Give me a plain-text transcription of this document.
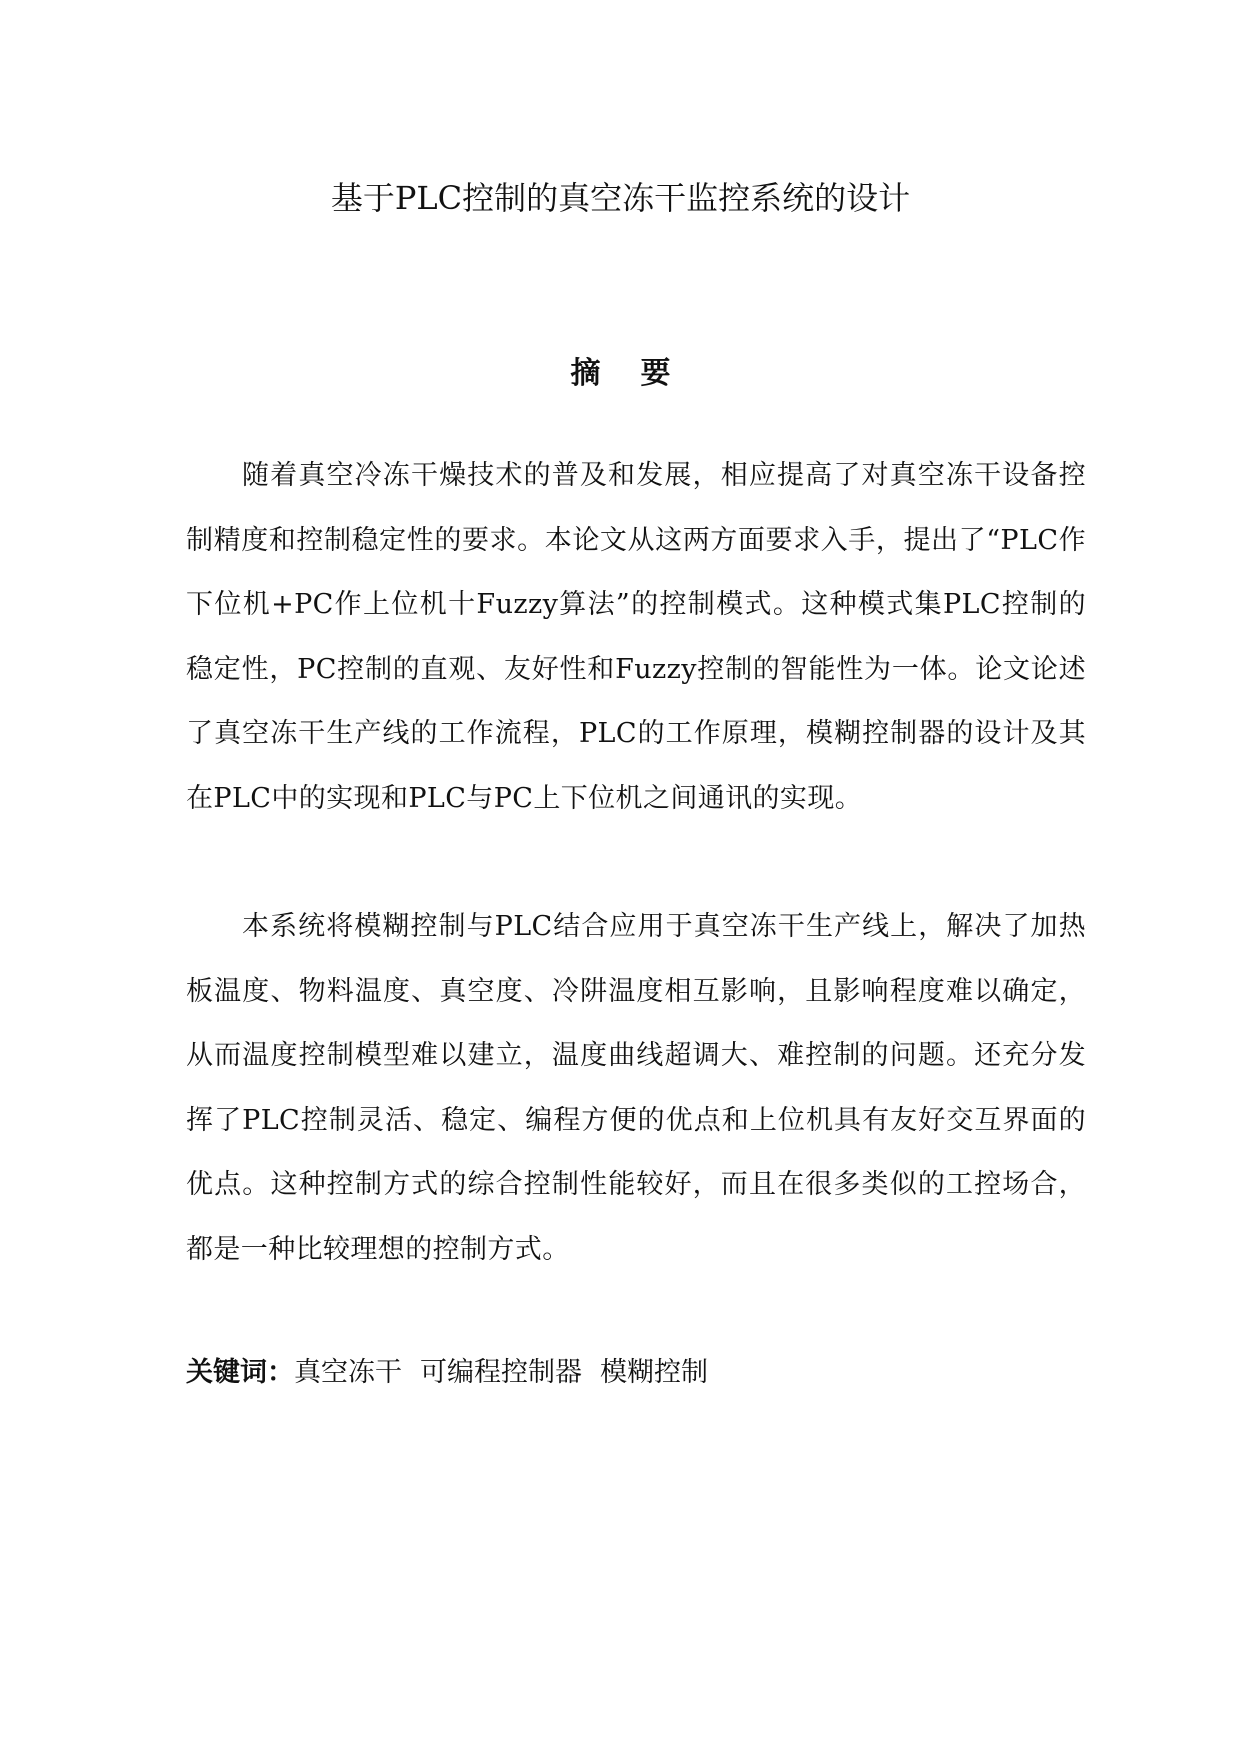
基于PLC控制的真空冻干监控系统的设计
摘 要

随着真空冷冻干燥技术的普及和发展，相应提高了对真空冻干设备控制精度和控制稳定性的要求。本论文从这两方面要求入手，提出了“PLC作下位机+PC作上位机十Fuzzy算法”的控制模式。这种模式集PLC控制的稳定性，PC控制的直观、友好性和Fuzzy控制的智能性为一体。论文论述了真空冻干生产线的工作流程，PLC的工作原理，模糊控制器的设计及其在PLC中的实现和PLC与PC上下位机之间通讯的实现。

本系统将模糊控制与PLC结合应用于真空冻干生产线上，解决了加热板温度、物料温度、真空度、冷阱温度相互影响，且影响程度难以确定，从而温度控制模型难以建立，温度曲线超调大、难控制的问题。还充分发挥了PLC控制灵活、稳定、编程方便的优点和上位机具有友好交互界面的优点。这种控制方式的综合控制性能较好，而且在很多类似的工控场合，都是一种比较理想的控制方式。

关键词：真空冻干 可编程控制器 模糊控制
